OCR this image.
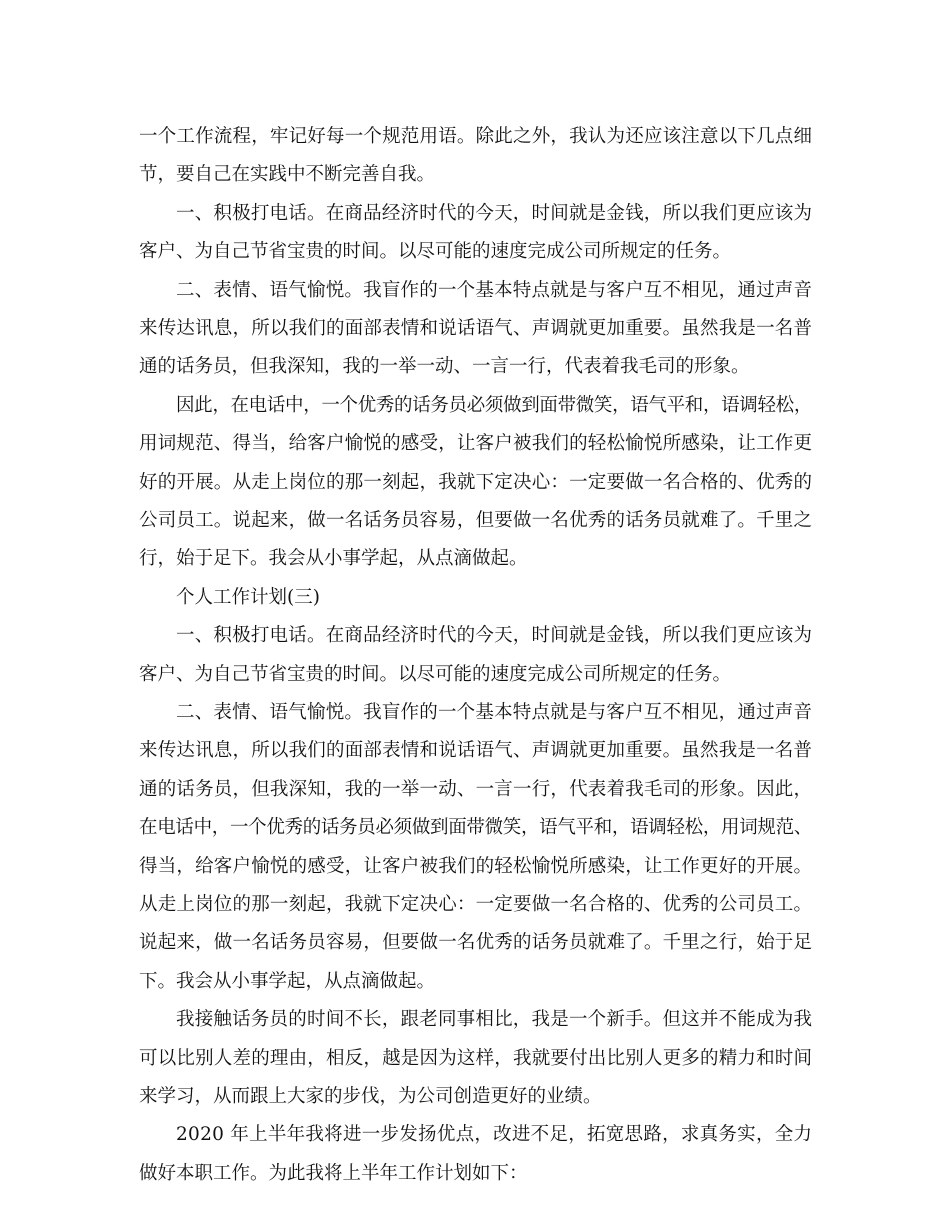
一个工作流程，牢记好每一个规范用语。除此之外，我认为还应该注意以下几点细
节，要自己在实践中不断完善自我。
一、积极打电话。在商品经济时代的今天，时间就是金钱，所以我们更应该为
客户、为自己节省宝贵的时间。以尽可能的速度完成公司所规定的任务。
二、表情、语气愉悦。我盲作的一个基本特点就是与客户互不相见，通过声音
来传达讯息，所以我们的面部表情和说话语气、声调就更加重要。虽然我是一名普
通的话务员，但我深知，我的一举一动、一言一行，代表着我毛司的形象。
因此，在电话中，一个优秀的话务员必须做到面带微笑，语气平和，语调轻松，
用词规范、得当，给客户愉悦的感受，让客户被我们的轻松愉悦所感染，让工作更
好的开展。从走上岗位的那一刻起，我就下定决心：一定要做一名合格的、优秀的
公司员工。说起来，做一名话务员容易，但要做一名优秀的话务员就难了。千里之
行，始于足下。我会从小事学起，从点滴做起。
个人工作计划(三)
一、积极打电话。在商品经济时代的今天，时间就是金钱，所以我们更应该为
客户、为自己节省宝贵的时间。以尽可能的速度完成公司所规定的任务。
二、表情、语气愉悦。我盲作的一个基本特点就是与客户互不相见，通过声音
来传达讯息，所以我们的面部表情和说话语气、声调就更加重要。虽然我是一名普
通的话务员，但我深知，我的一举一动、一言一行，代表着我毛司的形象。因此，
在电话中，一个优秀的话务员必须做到面带微笑，语气平和，语调轻松，用词规范、
得当，给客户愉悦的感受，让客户被我们的轻松愉悦所感染，让工作更好的开展。
从走上岗位的那一刻起，我就下定决心：一定要做一名合格的、优秀的公司员工。
说起来，做一名话务员容易，但要做一名优秀的话务员就难了。千里之行，始于足
下。我会从小事学起，从点滴做起。
我接触话务员的时间不长，跟老同事相比，我是一个新手。但这并不能成为我
可以比别人差的理由，相反，越是因为这样，我就要付出比别人更多的精力和时间
来学习，从而跟上大家的步伐，为公司创造更好的业绩。
2020 年上半年我将进一步发扬优点，改进不足，拓宽思路，求真务实，全力
做好本职工作。为此我将上半年工作计划如下：
